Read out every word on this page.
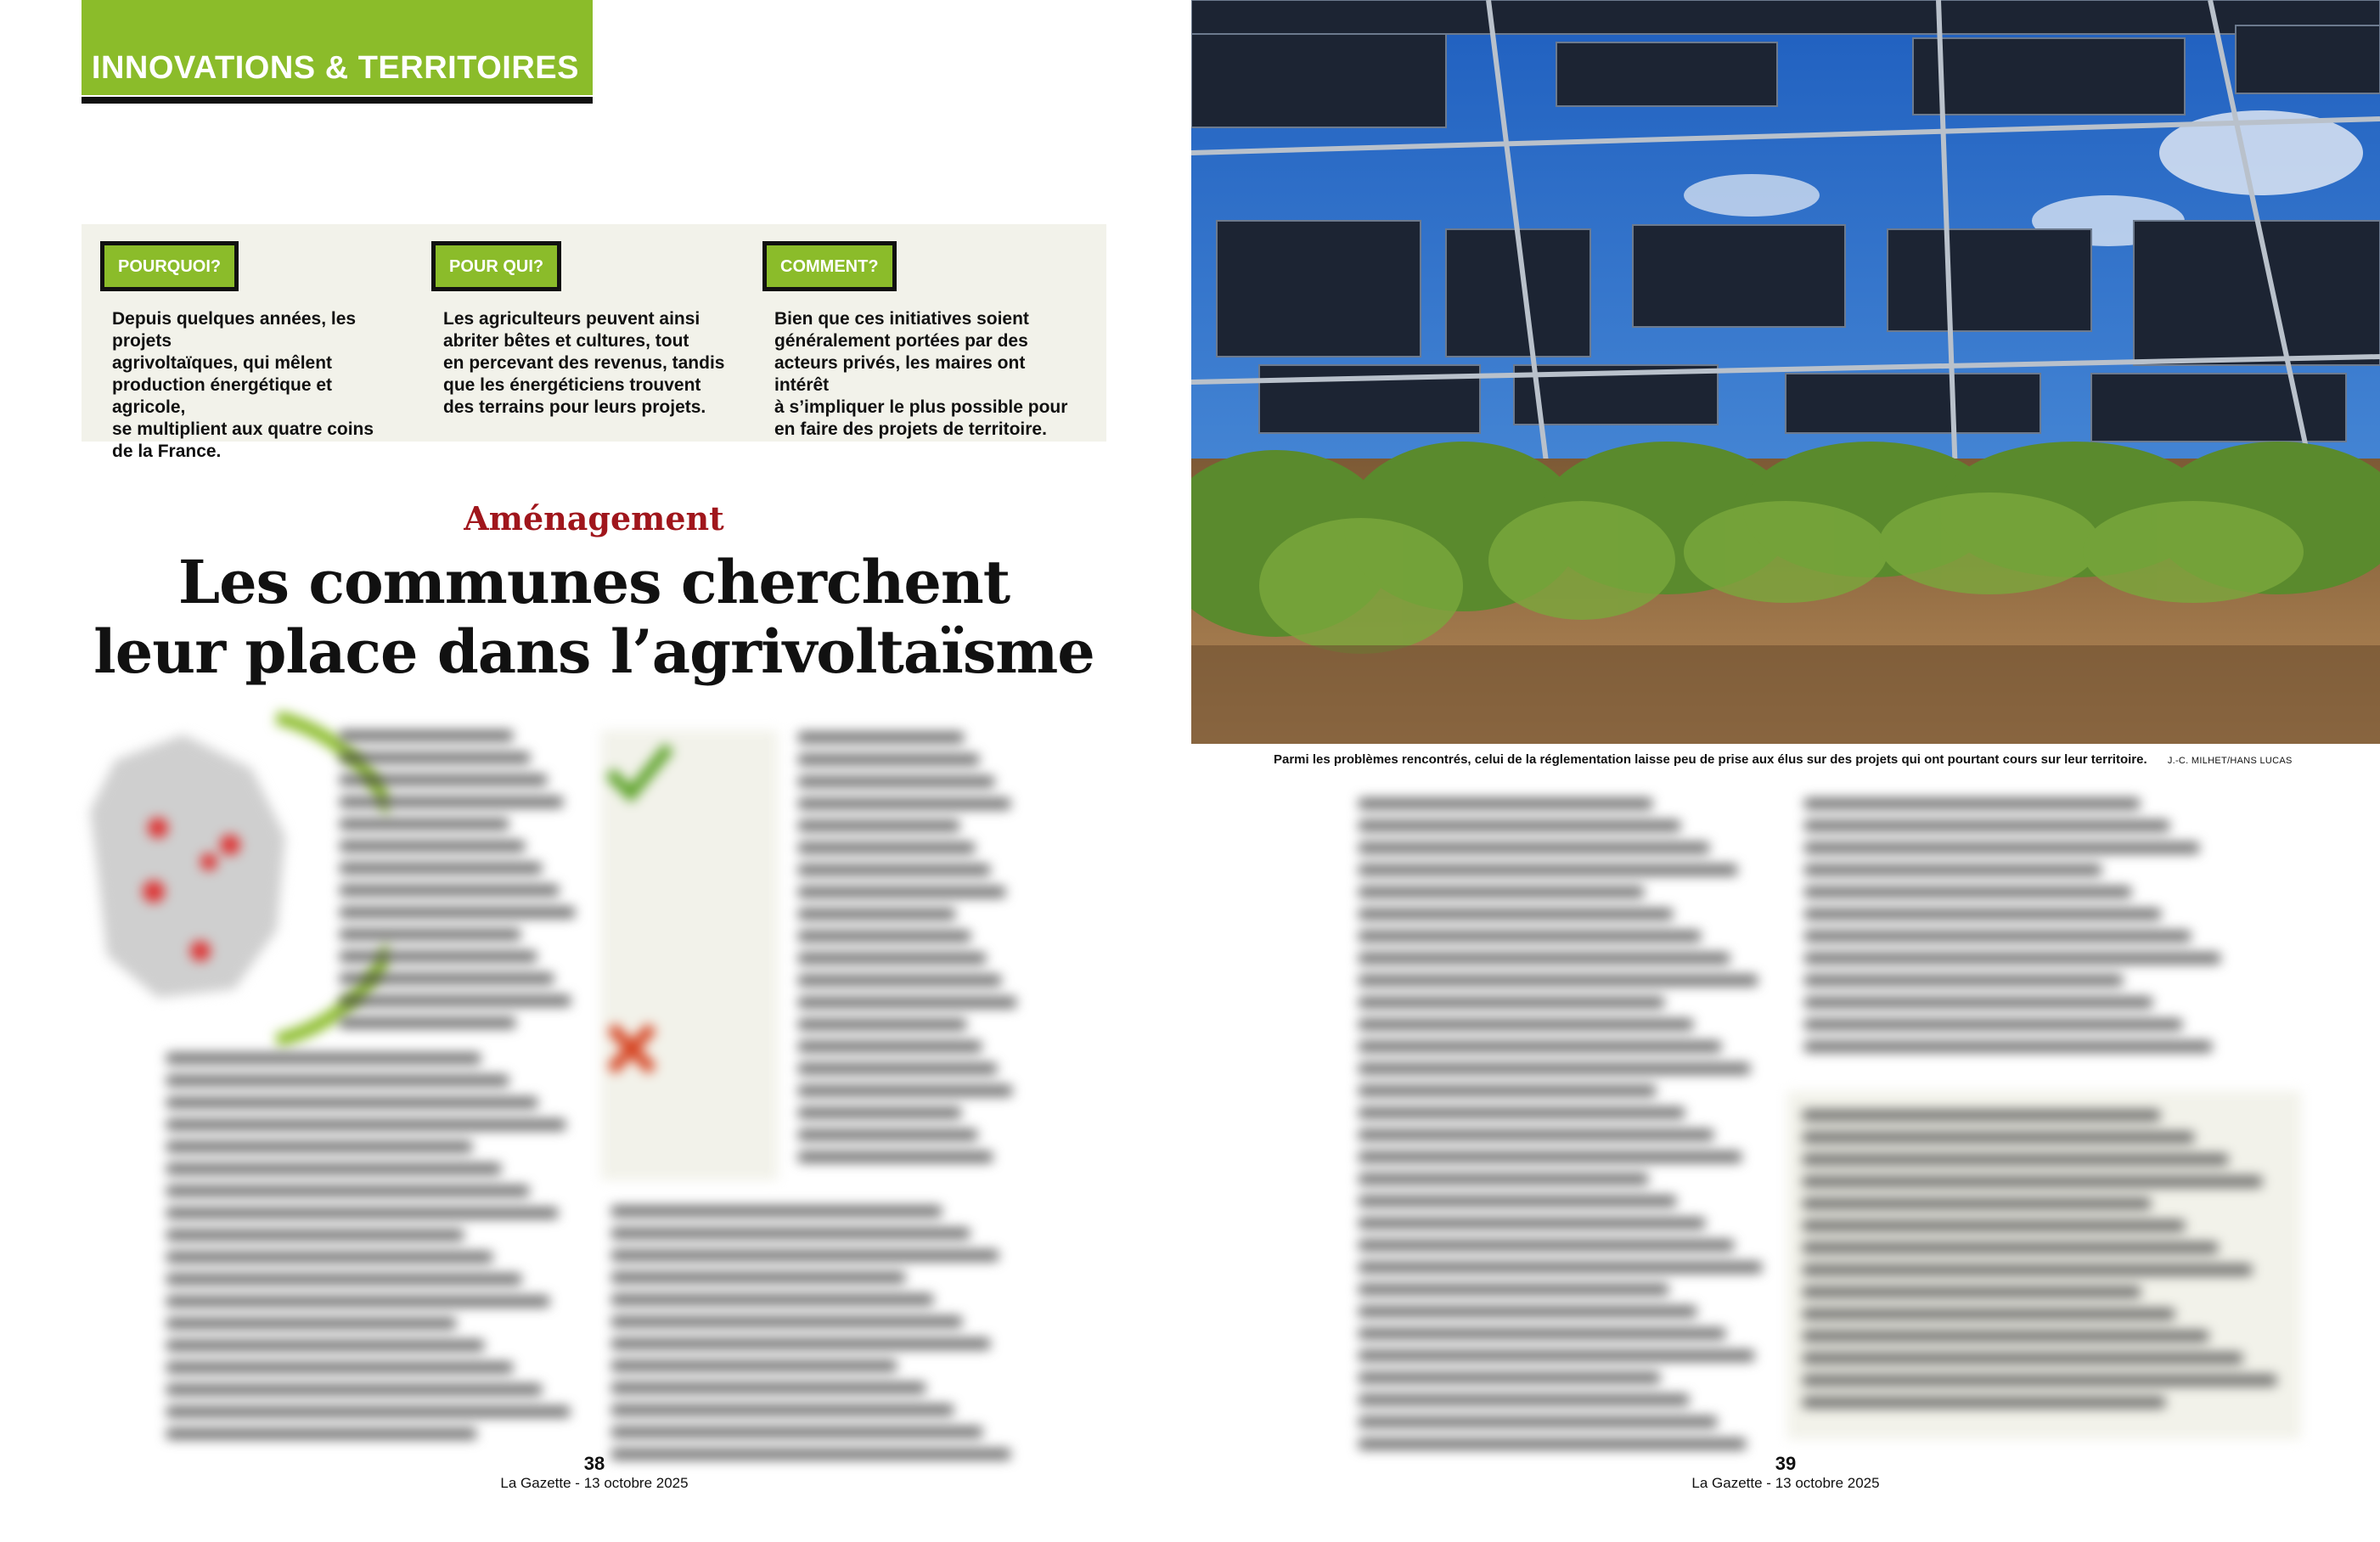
INNOVATIONS & TERRITOIRES
POURQUOI?
Depuis quelques années, les projets
agrivoltaïques, qui mêlent
production énergétique et agricole,
se multiplient aux quatre coins
de la France.
POUR QUI?
Les agriculteurs peuvent ainsi
abriter bêtes et cultures, tout
en percevant des revenus, tandis
que les énergéticiens trouvent
des terrains pour leurs projets.
COMMENT?
Bien que ces initiatives soient
généralement portées par des
acteurs privés, les maires ont intérêt
à s’impliquer le plus possible pour
en faire des projets de territoire.
Aménagement
Les communes cherchent
leur place dans l’agrivoltaïsme
Parmi les problèmes rencontrés, celui de la réglementation laisse peu de prise aux élus sur des projets qui ont pourtant cours sur leur territoire. J.-C. MILHET/HANS LUCAS
38
La Gazette - 13 octobre 2025
39
La Gazette - 13 octobre 2025
